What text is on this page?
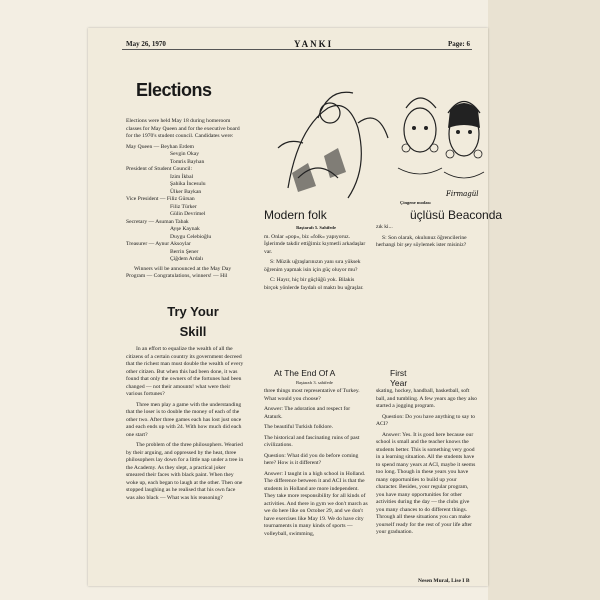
May 26, 1970	YANKI	Page: 6
Elections

Elections were held May 18 during homeroom classes for May Queen and for the executive board for the 1970's student council. Candidates were:

May Queen — Beyhan Erdem
Sevgin Okay
Tomris Bayhan
President of Student Council:
Izim İkbal
Şahika İncesulu
Ülker Baykan
Vice President — Filiz Gürsan
Filiz Türker
Gülin Devrimel
Secretary — Asuman Tabak
Ayşe Kaynak
Duygu Celebioğlu
Treasurer — Aynur Aksoylar
Berrin Şener
Çiğdem Ardalı

Winners will be announced at the May Day Program — Congratulations, winners! — Hil

Firmagül
Çingene modası
Modern folk	üçlüsü Beaconda
Baştarafı 5. Sahifede

m. Onlar «pop», biz «folk» yapıyoruz. İşlerimde takdir ettiğimiz kıymetli arkadaşlar var.

S: Müzik uğraşlarınızın yanı sıra yüksek öğrenim yapmak isin için güç oluyor mu?

C: Hayır, hiç bir güçlüğü yok. Bilakis birçok yönlerde faydalı ol maktı bu uğraşlar.

zık ki...

S: Son olarak, okulunuz öğrencilerine herhangi bir şey söylemek ister misiniz?

Try Your
Skill

In an effort to equalize the wealth of all the citizens of a certain country its government decreed that the richest man must double the wealth of every other citizen. But when this had been done, it was found that only the owners of the fortunes had been changed — not their amounts! what were their various fortunes?

Three men play a game with the understanding that the loser is to double the money of each of the other two. After three games each has lost just once and each ends up with 24. With how much did each one start?

The problem of the three philosophers. Wearied by their arguing, and oppressed by the heat, three philosophers lay down for a little nap under a tree in the Academy. As they slept, a practical joker smeared their faces with black paint. When they woke up, each began to laugh at the other. Then one stopped laughing as he realised that his own face was also black — What was his reasoning?

At The End Of A	First Year
Baştarafı 3. sahifede

three things most representative of Turkey. What would you choose?

Answer: The adoration and respect for Ataturk.

The beautiful Turkish folklore.

The historical and fascinating ruins of past civilizations.

Question: What did you do before coming here? How is it different?

Answer: I taught in a high school in Holland. The difference between it and ACI is that the students in Holland are more independent. They take more responsibility for all kinds of activities. And there in gym we don't march as we do here like on October 29, and we don't have exercises like May 19. We do have city tournaments in many kinds of sports — volleyball, swimming,

skating, hockey, handball, basketball, soft ball, and tumbling. A few years ago they also started a jogging program.

Question: Do you have anything to say to ACI?

Answer: Yes. It is good here because our school is small and the teacher knows the students better. This is something very good in a learning situation. All the students have to spend many years at ACI, maybe it seems too long. Though in these years you have many opportunities to build up your character. Besides, your regular program, you have many opportunities for other activities during the day — the clubs give you many chances to do different things. Through all these situations you can make yourself ready for the rest of your life after your graduation.

Nesen Mural, Lise I B
